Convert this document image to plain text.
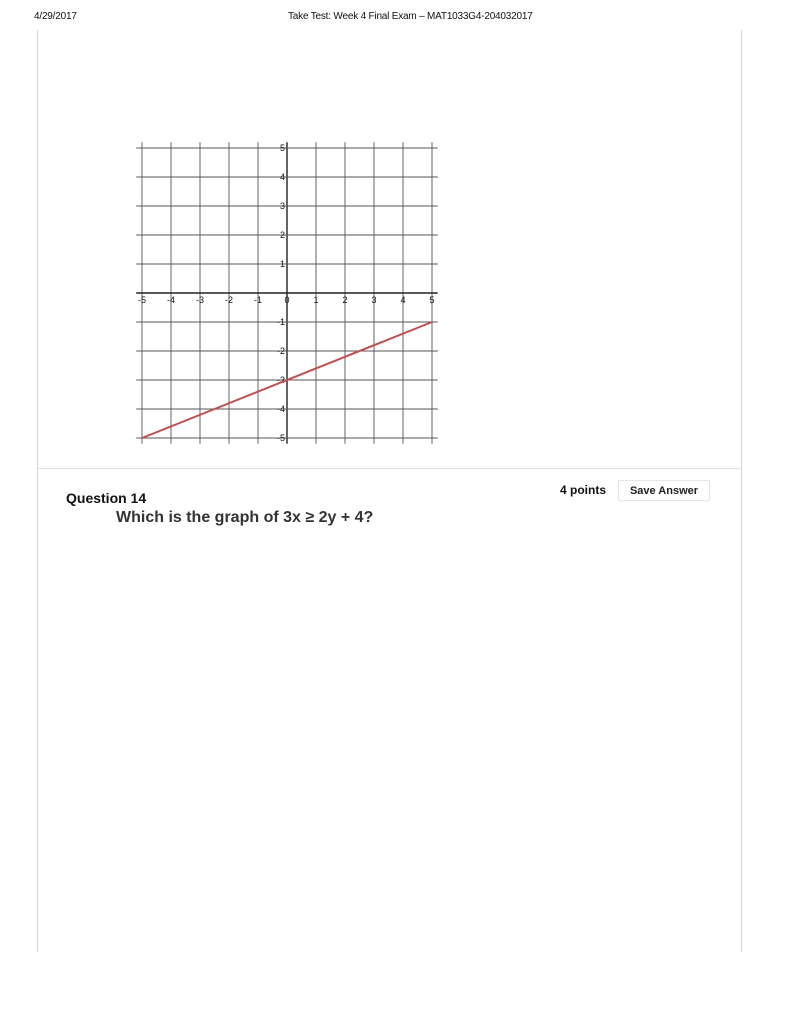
4/29/2017	Take Test: Week 4 Final Exam – MAT1033G4-204032017
-5 -4 -3 -2 -1 0	1	2	3	4	5
5
4
3
2
1
-1
-2
-3
-4
-5
4 points	Save Answer
Question 14
Which is the graph of 3x ≥ 2y + 4?
